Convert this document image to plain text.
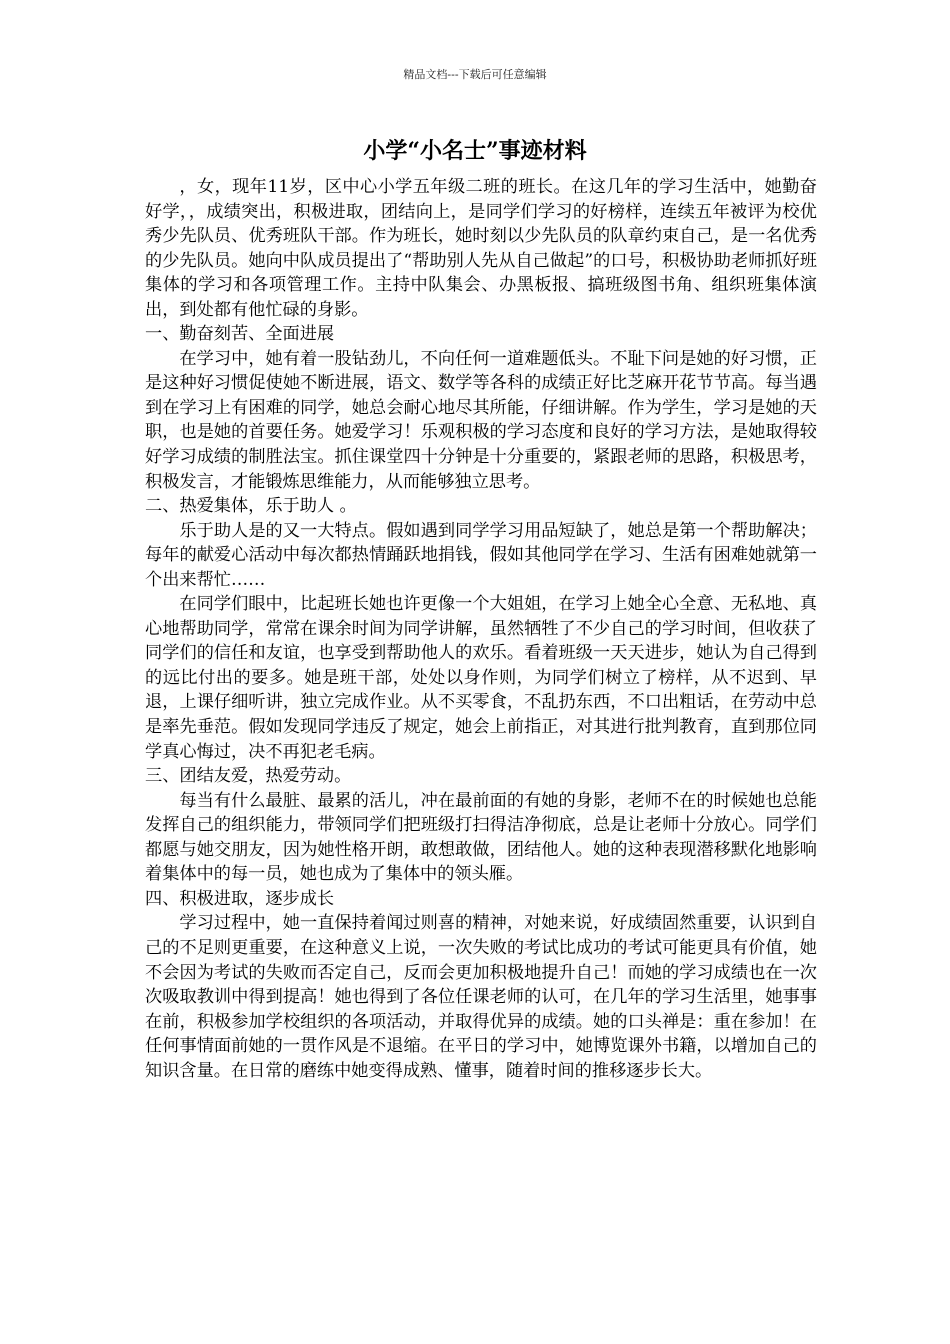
精品文档---下载后可任意编辑
小学“小名士”事迹材料

，女，现年11岁，区中心小学五年级二班的班长。在这几年的学习生活中，她勤奋好学，，成绩突出，积极进取，团结向上，是同学们学习的好榜样，连续五年被评为校优秀少先队员、优秀班队干部。作为班长，她时刻以少先队员的队章约束自己，是一名优秀的少先队员。她向中队成员提出了“帮助别人先从自己做起”的口号，积极协助老师抓好班集体的学习和各项管理工作。主持中队集会、办黑板报、搞班级图书角、组织班集体演出，到处都有他忙碌的身影。

一、勤奋刻苦、全面进展

在学习中，她有着一股钻劲儿，不向任何一道难题低头。不耻下问是她的好习惯，正是这种好习惯促使她不断进展，语文、数学等各科的成绩正好比芝麻开花节节高。每当遇到在学习上有困难的同学，她总会耐心地尽其所能，仔细讲解。作为学生，学习是她的天职，也是她的首要任务。她爱学习！乐观积极的学习态度和良好的学习方法，是她取得较好学习成绩的制胜法宝。抓住课堂四十分钟是十分重要的，紧跟老师的思路，积极思考，积极发言，才能锻炼思维能力，从而能够独立思考。

二、热爱集体，乐于助人 。

乐于助人是的又一大特点。假如遇到同学学习用品短缺了，她总是第一个帮助解决；每年的献爱心活动中每次都热情踊跃地捐钱，假如其他同学在学习、生活有困难她就第一个出来帮忙……

在同学们眼中，比起班长她也许更像一个大姐姐，在学习上她全心全意、无私地、真心地帮助同学，常常在课余时间为同学讲解，虽然牺牲了不少自己的学习时间，但收获了同学们的信任和友谊，也享受到帮助他人的欢乐。看着班级一天天进步，她认为自己得到的远比付出的要多。她是班干部，处处以身作则，为同学们树立了榜样，从不迟到、早退，上课仔细听讲，独立完成作业。从不买零食，不乱扔东西，不口出粗话，在劳动中总是率先垂范。假如发现同学违反了规定，她会上前指正，对其进行批判教育，直到那位同学真心悔过，决不再犯老毛病。

三、团结友爱，热爱劳动。

每当有什么最脏、最累的活儿，冲在最前面的有她的身影，老师不在的时候她也总能发挥自己的组织能力，带领同学们把班级打扫得洁净彻底，总是让老师十分放心。同学们都愿与她交朋友，因为她性格开朗，敢想敢做，团结他人。她的这种表现潜移默化地影响着集体中的每一员，她也成为了集体中的领头雁。

四、积极进取，逐步成长

学习过程中，她一直保持着闻过则喜的精神，对她来说，好成绩固然重要，认识到自己的不足则更重要，在这种意义上说，一次失败的考试比成功的考试可能更具有价值，她不会因为考试的失败而否定自己，反而会更加积极地提升自己！而她的学习成绩也在一次次吸取教训中得到提高！她也得到了各位任课老师的认可，在几年的学习生活里，她事事在前，积极参加学校组织的各项活动，并取得优异的成绩。她的口头禅是：重在参加！在任何事情面前她的一贯作风是不退缩。在平日的学习中，她博览课外书籍，以增加自己的知识含量。在日常的磨练中她变得成熟、懂事，随着时间的推移逐步长大。
